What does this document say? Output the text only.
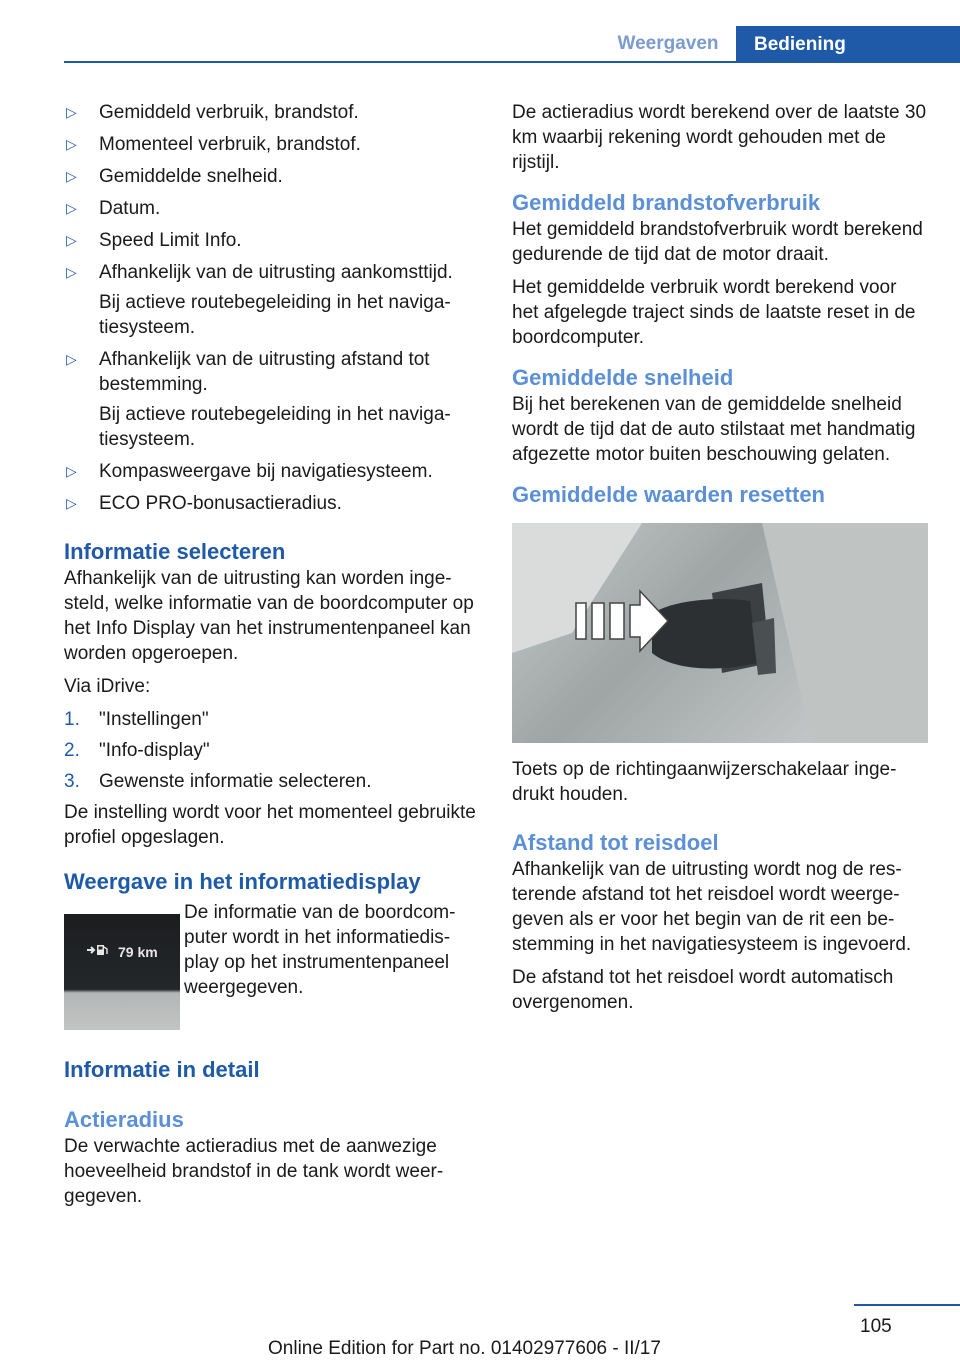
Weergaven	Bediening
▷ Gemiddeld verbruik, brandstof.
▷ Momenteel verbruik, brandstof.
▷ Gemiddelde snelheid.
▷ Datum.
▷ Speed Limit Info.
▷ Afhankelijk van de uitrusting aankomsttijd.
Bij actieve routebegeleiding in het navigatiesysteem.
▷ Afhankelijk van de uitrusting afstand tot bestemming.
Bij actieve routebegeleiding in het navigatiesysteem.
▷ Kompasweergave bij navigatiesysteem.
▷ ECO PRO-bonusactieradius.
Informatie selecteren

Afhankelijk van de uitrusting kan worden ingesteld, welke informatie van de boordcomputer op het Info Display van het instrumentenpaneel kan worden opgeroepen.

Via iDrive:

1. "Instellingen"
2. "Info-display"
3. Gewenste informatie selecteren.

De instelling wordt voor het momenteel gebruikte profiel opgeslagen.

Weergave in het informatiedisplay
79 km
De informatie van de boordcomputer wordt in het informatiedisplay op het instrumentenpaneel weergegeven.
Informatie in detail
Actieradius

De verwachte actieradius met de aanwezige hoeveelheid brandstof in de tank wordt weergegeven.

De actieradius wordt berekend over de laatste 30 km waarbij rekening wordt gehouden met de rijstijl.

Gemiddeld brandstofverbruik

Het gemiddeld brandstofverbruik wordt berekend gedurende de tijd dat de motor draait.

Het gemiddelde verbruik wordt berekend voor het afgelegde traject sinds de laatste reset in de boordcomputer.

Gemiddelde snelheid

Bij het berekenen van de gemiddelde snelheid wordt de tijd dat de auto stilstaat met handmatig afgezette motor buiten beschouwing gelaten.

Gemiddelde waarden resetten

Toets op de richtingaanwijzerschakelaar ingedrukt houden.

Afstand tot reisdoel

Afhankelijk van de uitrusting wordt nog de resterende afstand tot het reisdoel wordt weergegeven als er voor het begin van de rit een bestemming in het navigatiesysteem is ingevoerd.

De afstand tot het reisdoel wordt automatisch overgenomen.

105
Online Edition for Part no. 01402977606 - II/17
